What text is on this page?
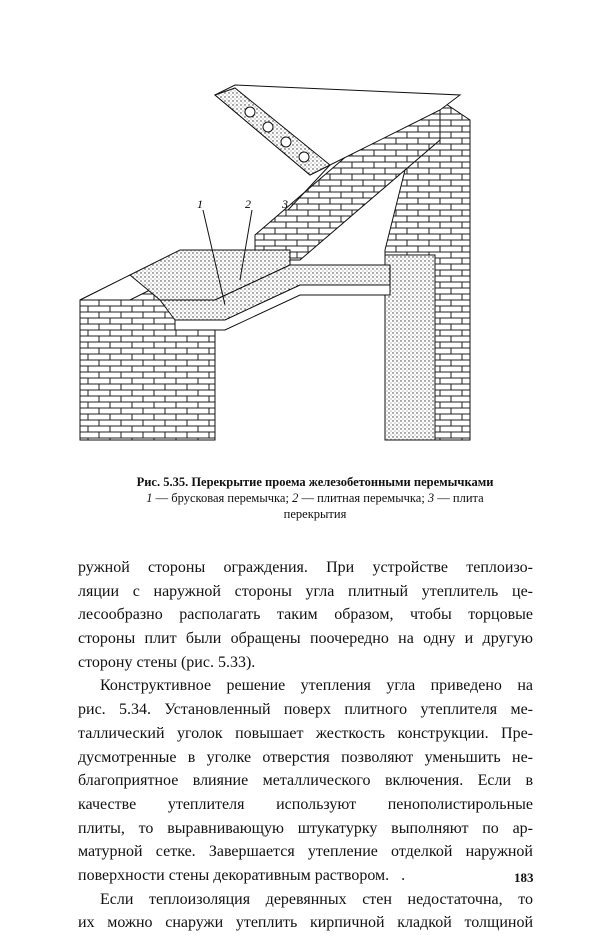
1	2	3
Рис. 5.35. Перекрытие проема железобетонными перемычками
1 — брусковая перемычка; 2 — плитная перемычка; 3 — плита
перекрытия
ружной стороны ограждения. При устройстве теплоизо-
ляции с наружной стороны угла плитный утеплитель це-
лесообразно располагать таким образом, чтобы торцовые
стороны плит были обращены поочередно на одну и другую
сторону стены (рис. 5.33).
Конструктивное решение утепления угла приведено на
рис. 5.34. Установленный поверх плитного утеплителя ме-
таллический уголок повышает жесткость конструкции. Пре-
дусмотренные в уголке отверстия позволяют уменьшить не-
благоприятное влияние металлического включения. Если в
качестве утеплителя используют пенополистирольные
плиты, то выравнивающую штукатурку выполняют по ар-
матурной сетке. Завершается утепление отделкой наружной
поверхности стены декоративным раствором.   .
Если теплоизоляция деревянных стен недостаточна, то
их можно снаружи утеплить кирпичной кладкой толщиной
183
